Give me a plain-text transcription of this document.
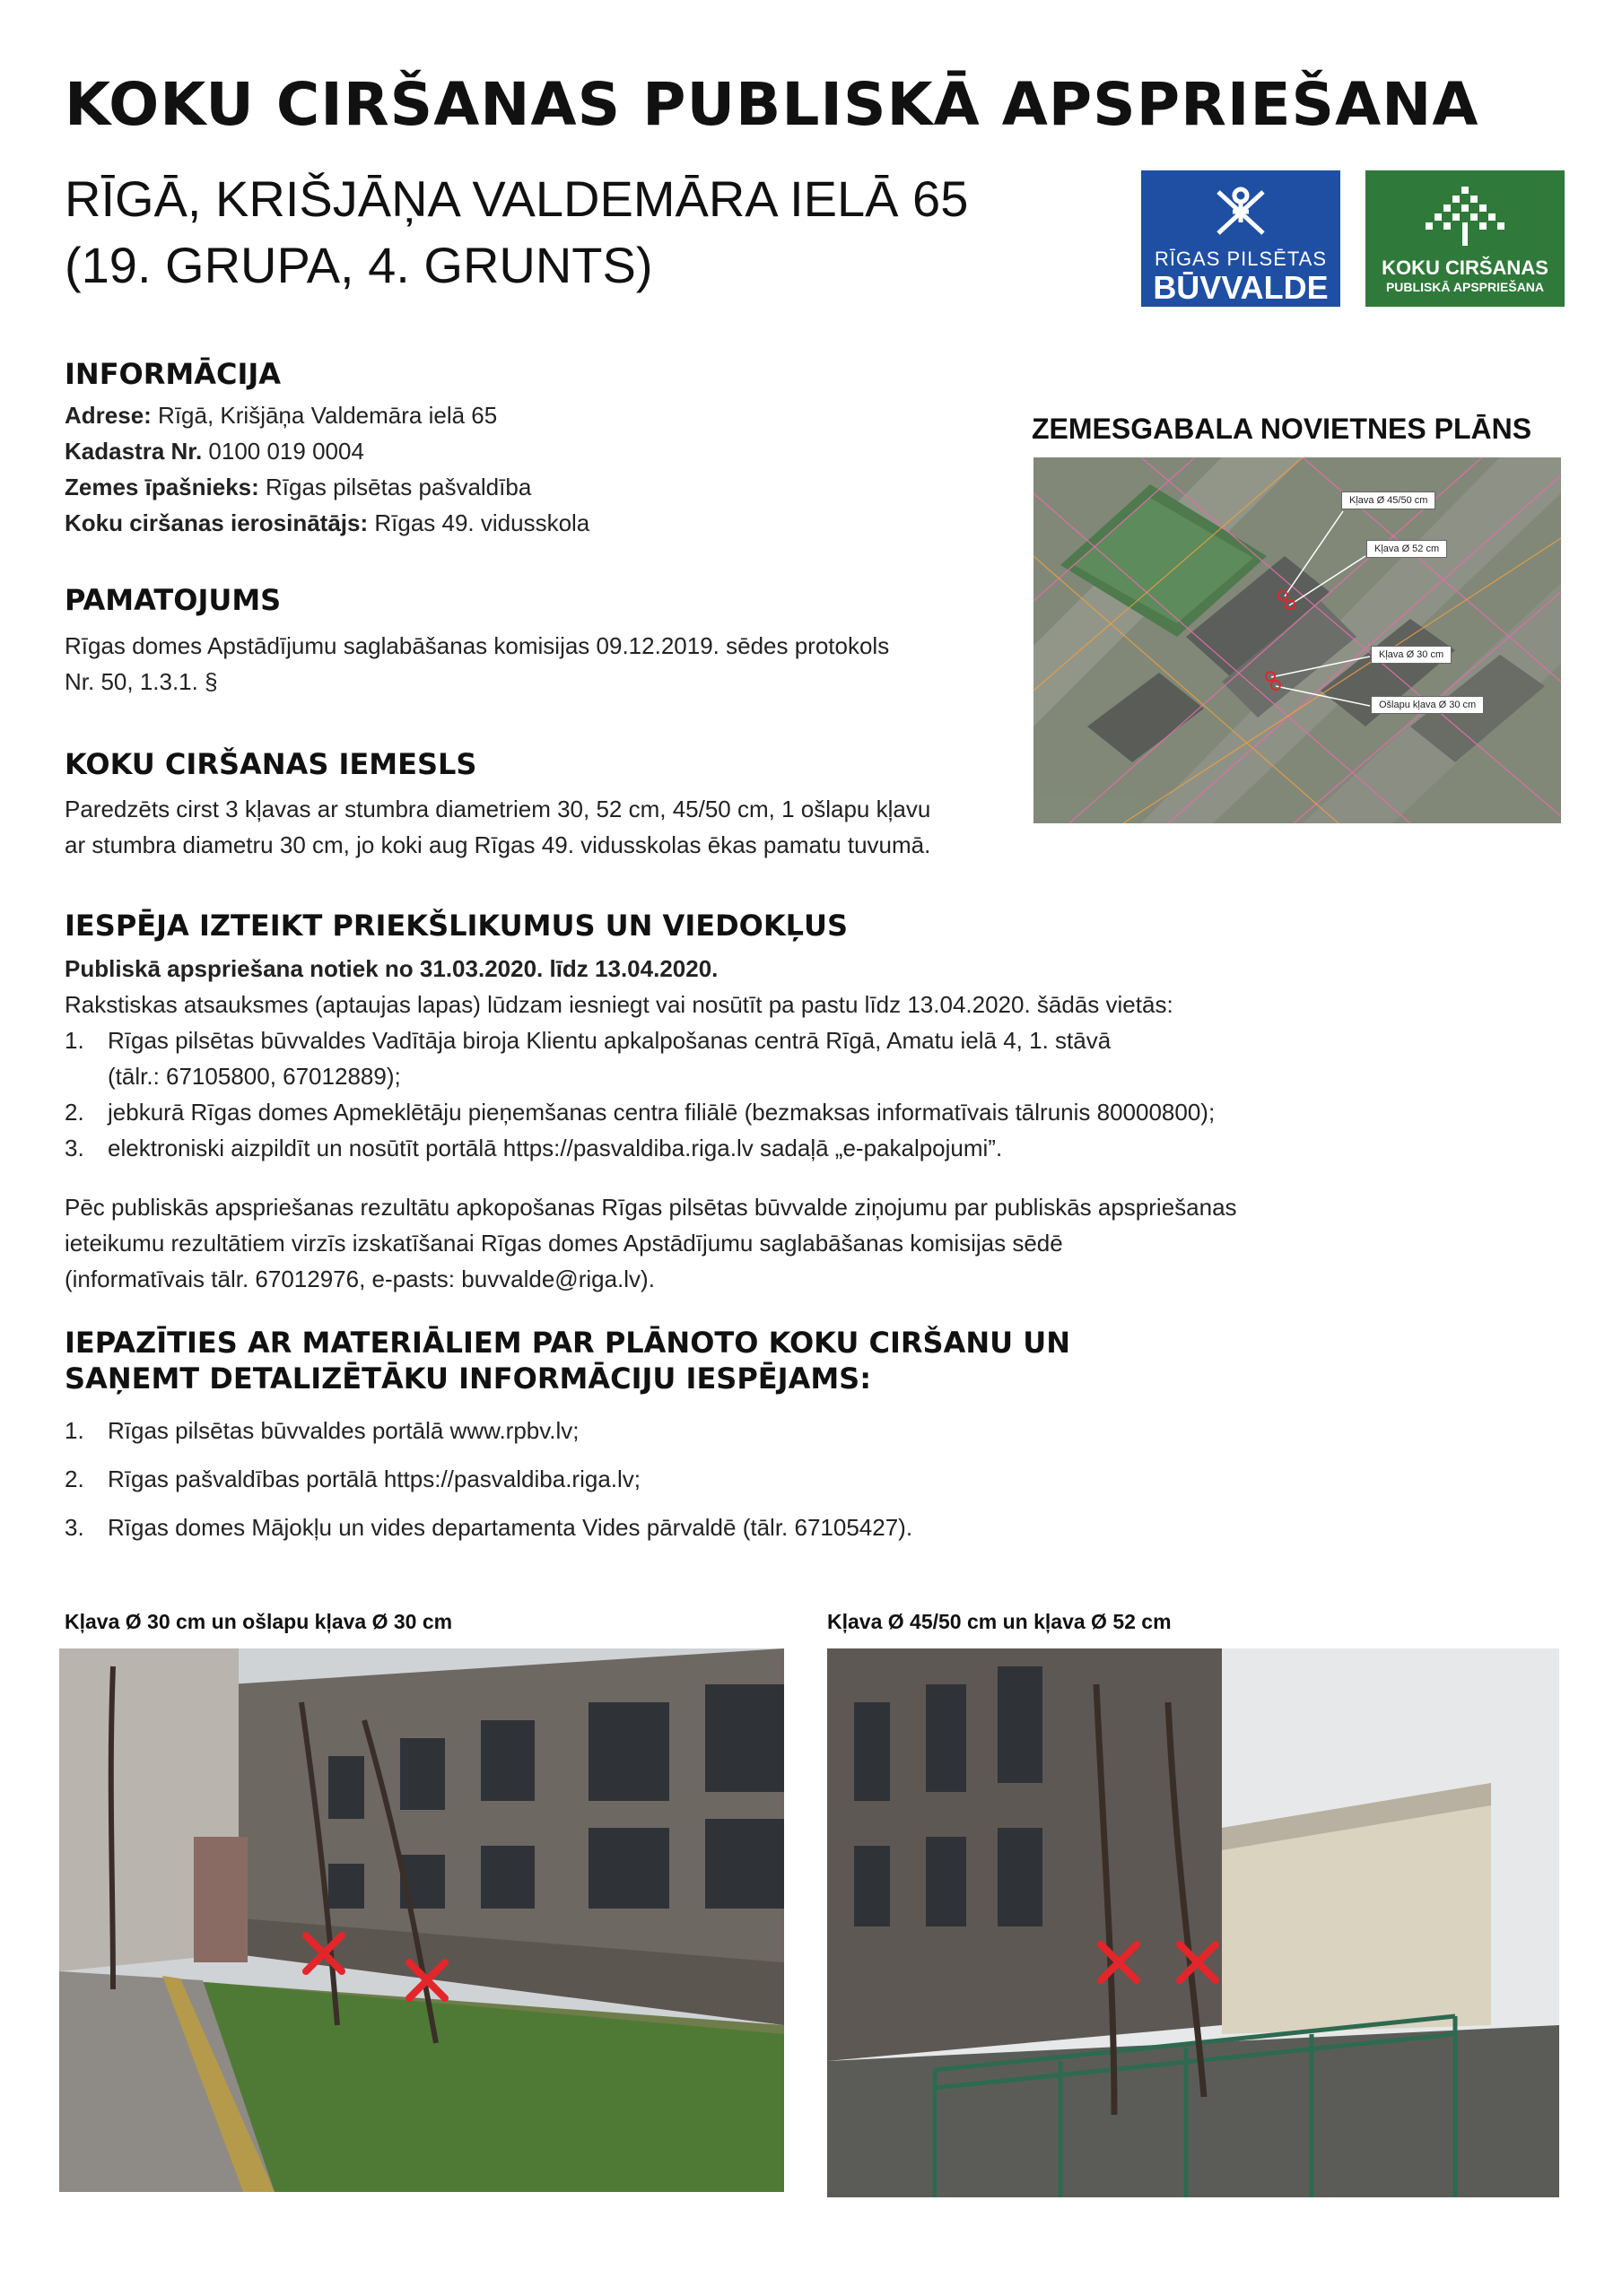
KOKU CIRŠANAS PUBLISKĀ APSPRIEŠANA
RĪGĀ, KRIŠJĀŅA VALDEMĀRA IELĀ 65
(19. GRUPA, 4. GRUNTS)	RĪGAS PILSĒTAS
BŪVVALDE
KOKU CIRŠANAS
PUBLISKĀ APSPRIEŠANA
INFORMĀCIJA
Adrese: Rīgā, Krišjāņa Valdemāra ielā 65
Kadastra Nr. 0100 019 0004
Zemes īpašnieks: Rīgas pilsētas pašvaldība
Koku ciršanas ierosinātājs: Rīgas 49. vidusskola
PAMATOJUMS
Rīgas domes Apstādījumu saglabāšanas komisijas 09.12.2019. sēdes protokols
Nr. 50, 1.3.1. §
KOKU CIRŠANAS IEMESLS
Paredzēts cirst 3 kļavas ar stumbra diametriem 30, 52 cm, 45/50 cm, 1 ošlapu kļavu
ar stumbra diametru 30 cm, jo koki aug Rīgas 49. vidusskolas ēkas pamatu tuvumā.
ZEMESGABALA NOVIETNES PLĀNS
Kļava Ø 45/50 cm
Kļava Ø 52 cm
Kļava Ø 30 cm
Ošlapu kļava Ø 30 cm
IESPĒJA IZTEIKT PRIEKŠLIKUMUS UN VIEDOKĻUS
Publiskā apspriešana notiek no 31.03.2020. līdz 13.04.2020.
Rakstiskas atsauksmes (aptaujas lapas) lūdzam iesniegt vai nosūtīt pa pastu līdz 13.04.2020. šādās vietās:
1. Rīgas pilsētas būvvaldes Vadītāja biroja Klientu apkalpošanas centrā Rīgā, Amatu ielā 4, 1. stāvā
(tālr.: 67105800, 67012889);
2. jebkurā Rīgas domes Apmeklētāju pieņemšanas centra filiālē (bezmaksas informatīvais tālrunis 80000800);
3. elektroniski aizpildīt un nosūtīt portālā https://pasvaldiba.riga.lv sadaļā „e-pakalpojumi”.
Pēc publiskās apspriešanas rezultātu apkopošanas Rīgas pilsētas būvvalde ziņojumu par publiskās apspriešanas
ieteikumu rezultātiem virzīs izskatīšanai Rīgas domes Apstādījumu saglabāšanas komisijas sēdē
(informatīvais tālr. 67012976, e-pasts: buvvalde@riga.lv).
IEPAZĪTIES AR MATERIĀLIEM PAR PLĀNOTO KOKU CIRŠANU UN
SAŅEMT DETALIZĒTĀKU INFORMĀCIJU IESPĒJAMS:
1. Rīgas pilsētas būvvaldes portālā www.rpbv.lv;
2. Rīgas pašvaldības portālā https://pasvaldiba.riga.lv;
3. Rīgas domes Mājokļu un vides departamenta Vides pārvaldē (tālr. 67105427).
Kļava Ø 30 cm un ošlapu kļava Ø 30 cm	Kļava Ø 45/50 cm un kļava Ø 52 cm
